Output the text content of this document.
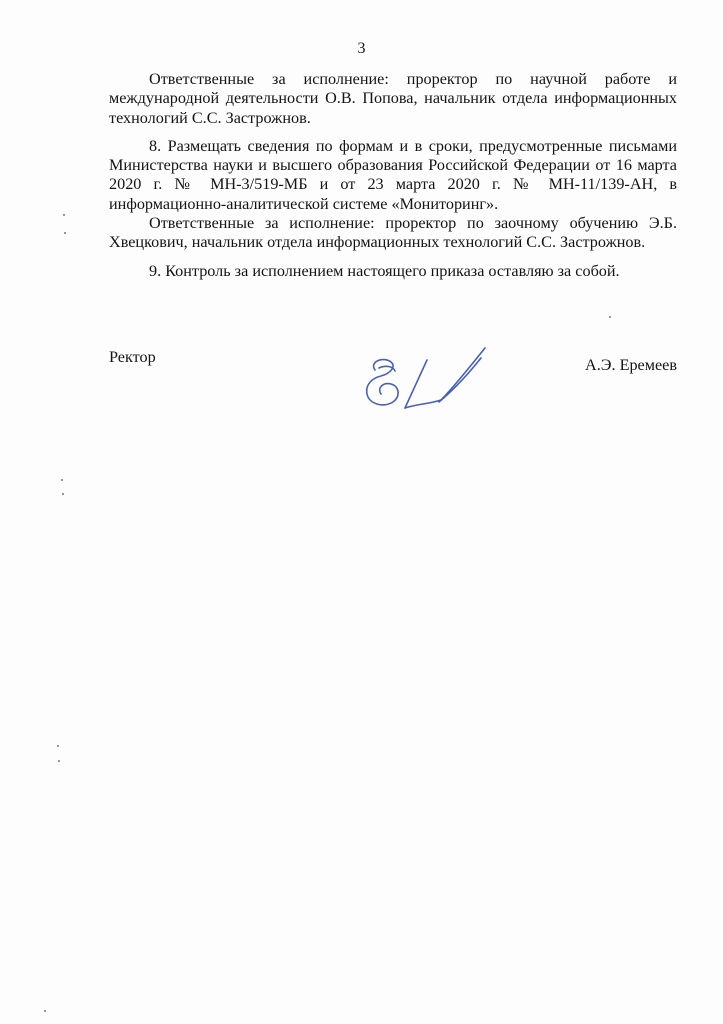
3

Ответственные за исполнение: проректор по научной работе и международной деятельности О.В. Попова, начальник отдела информационных технологий С.С. Застрожнов.

8. Размещать сведения по формам и в сроки, предусмотренные письмами Министерства науки и высшего образования Российской Федерации от 16 марта 2020 г. № МН-3/519-МБ и от 23 марта 2020 г. № МН-11/139-АН, в информационно-аналитической системе «Мониторинг».

Ответственные за исполнение: проректор по заочному обучению Э.Б. Хвецкович, начальник отдела информационных технологий С.С. Застрожнов.

9. Контроль за исполнением настоящего приказа оставляю за собой.

Ректор	А.Э. Еремеев
